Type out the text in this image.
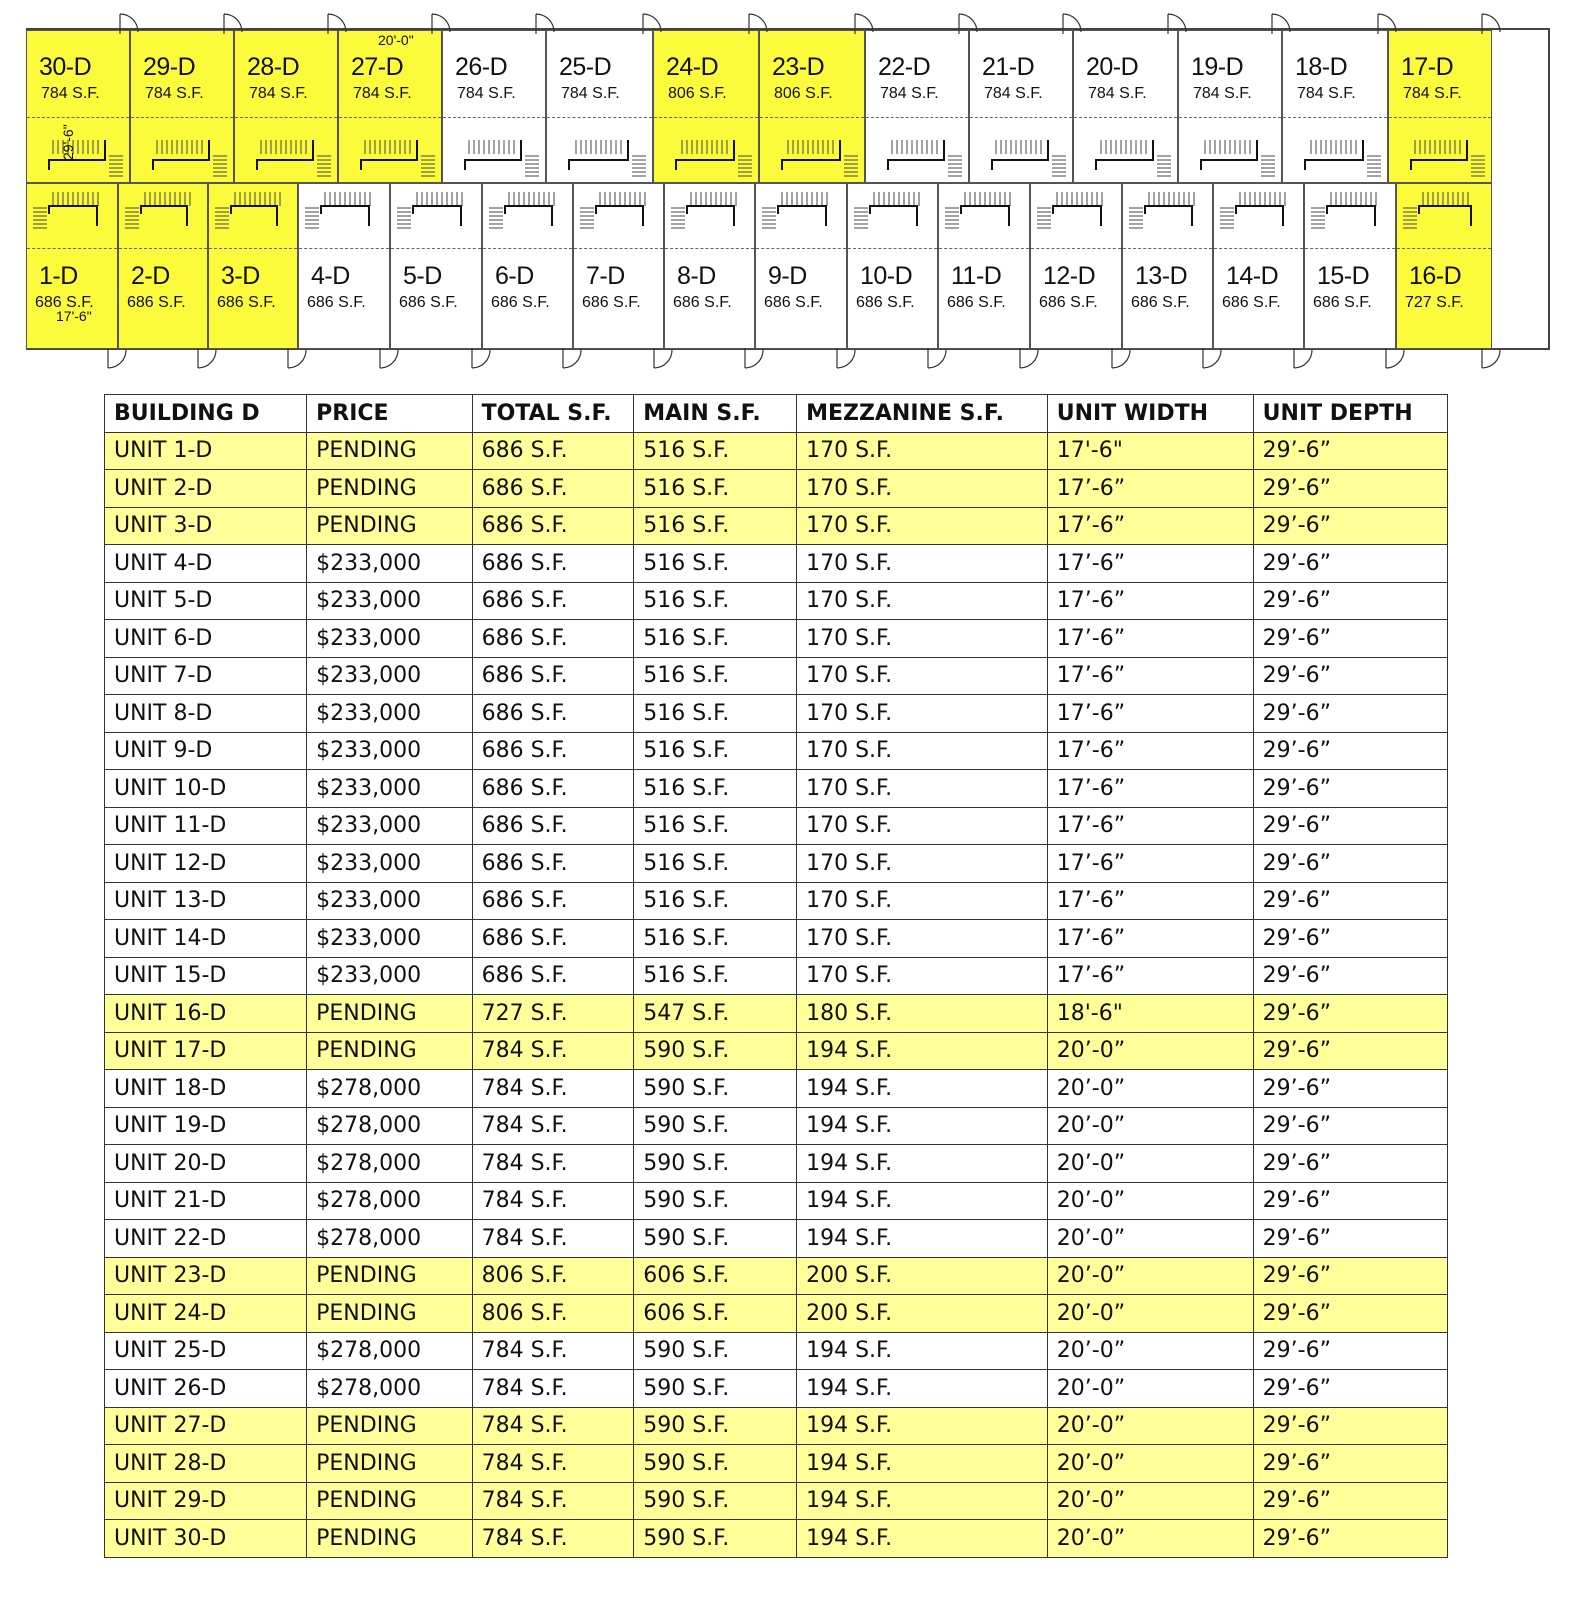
30-D
784 S.F.
29-D
784 S.F.
28-D
784 S.F.
27-D
784 S.F.
26-D
784 S.F.
25-D
784 S.F.
24-D
806 S.F.
23-D
806 S.F.
22-D
784 S.F.
21-D
784 S.F.
20-D
784 S.F.
19-D
784 S.F.
18-D
784 S.F.
17-D
784 S.F.
1-D
686 S.F.
2-D
686 S.F.
3-D
686 S.F.
4-D
686 S.F.
5-D
686 S.F.
6-D
686 S.F.
7-D
686 S.F.
8-D
686 S.F.
9-D
686 S.F.
10-D
686 S.F.
11-D
686 S.F.
12-D
686 S.F.
13-D
686 S.F.
14-D
686 S.F.
15-D
686 S.F.
16-D
727 S.F.
20'-0"
29'-6"
17'-6"
BUILDING D	PRICE	TOTAL S.F.	MAIN S.F.	MEZZANINE S.F.	UNIT WIDTH	UNIT DEPTH
UNIT 1-D	PENDING	686 S.F.	516 S.F.	170 S.F.	17'-6"	29’-6”
UNIT 2-D	PENDING	686 S.F.	516 S.F.	170 S.F.	17’-6”	29’-6”
UNIT 3-D	PENDING	686 S.F.	516 S.F.	170 S.F.	17’-6”	29’-6”
UNIT 4-D	$233,000	686 S.F.	516 S.F.	170 S.F.	17’-6”	29’-6”
UNIT 5-D	$233,000	686 S.F.	516 S.F.	170 S.F.	17’-6”	29’-6”
UNIT 6-D	$233,000	686 S.F.	516 S.F.	170 S.F.	17’-6”	29’-6”
UNIT 7-D	$233,000	686 S.F.	516 S.F.	170 S.F.	17’-6”	29’-6”
UNIT 8-D	$233,000	686 S.F.	516 S.F.	170 S.F.	17’-6”	29’-6”
UNIT 9-D	$233,000	686 S.F.	516 S.F.	170 S.F.	17’-6”	29’-6”
UNIT 10-D	$233,000	686 S.F.	516 S.F.	170 S.F.	17’-6”	29’-6”
UNIT 11-D	$233,000	686 S.F.	516 S.F.	170 S.F.	17’-6”	29’-6”
UNIT 12-D	$233,000	686 S.F.	516 S.F.	170 S.F.	17’-6”	29’-6”
UNIT 13-D	$233,000	686 S.F.	516 S.F.	170 S.F.	17’-6”	29’-6”
UNIT 14-D	$233,000	686 S.F.	516 S.F.	170 S.F.	17’-6”	29’-6”
UNIT 15-D	$233,000	686 S.F.	516 S.F.	170 S.F.	17’-6”	29’-6”
UNIT 16-D	PENDING	727 S.F.	547 S.F.	180 S.F.	18'-6"	29’-6”
UNIT 17-D	PENDING	784 S.F.	590 S.F.	194 S.F.	20’-0”	29’-6”
UNIT 18-D	$278,000	784 S.F.	590 S.F.	194 S.F.	20’-0”	29’-6”
UNIT 19-D	$278,000	784 S.F.	590 S.F.	194 S.F.	20’-0”	29’-6”
UNIT 20-D	$278,000	784 S.F.	590 S.F.	194 S.F.	20’-0”	29’-6”
UNIT 21-D	$278,000	784 S.F.	590 S.F.	194 S.F.	20’-0”	29’-6”
UNIT 22-D	$278,000	784 S.F.	590 S.F.	194 S.F.	20’-0”	29’-6”
UNIT 23-D	PENDING	806 S.F.	606 S.F.	200 S.F.	20’-0”	29’-6”
UNIT 24-D	PENDING	806 S.F.	606 S.F.	200 S.F.	20’-0”	29’-6”
UNIT 25-D	$278,000	784 S.F.	590 S.F.	194 S.F.	20’-0”	29’-6”
UNIT 26-D	$278,000	784 S.F.	590 S.F.	194 S.F.	20’-0”	29’-6”
UNIT 27-D	PENDING	784 S.F.	590 S.F.	194 S.F.	20’-0”	29’-6”
UNIT 28-D	PENDING	784 S.F.	590 S.F.	194 S.F.	20’-0”	29’-6”
UNIT 29-D	PENDING	784 S.F.	590 S.F.	194 S.F.	20’-0”	29’-6”
UNIT 30-D	PENDING	784 S.F.	590 S.F.	194 S.F.	20’-0”	29’-6”
